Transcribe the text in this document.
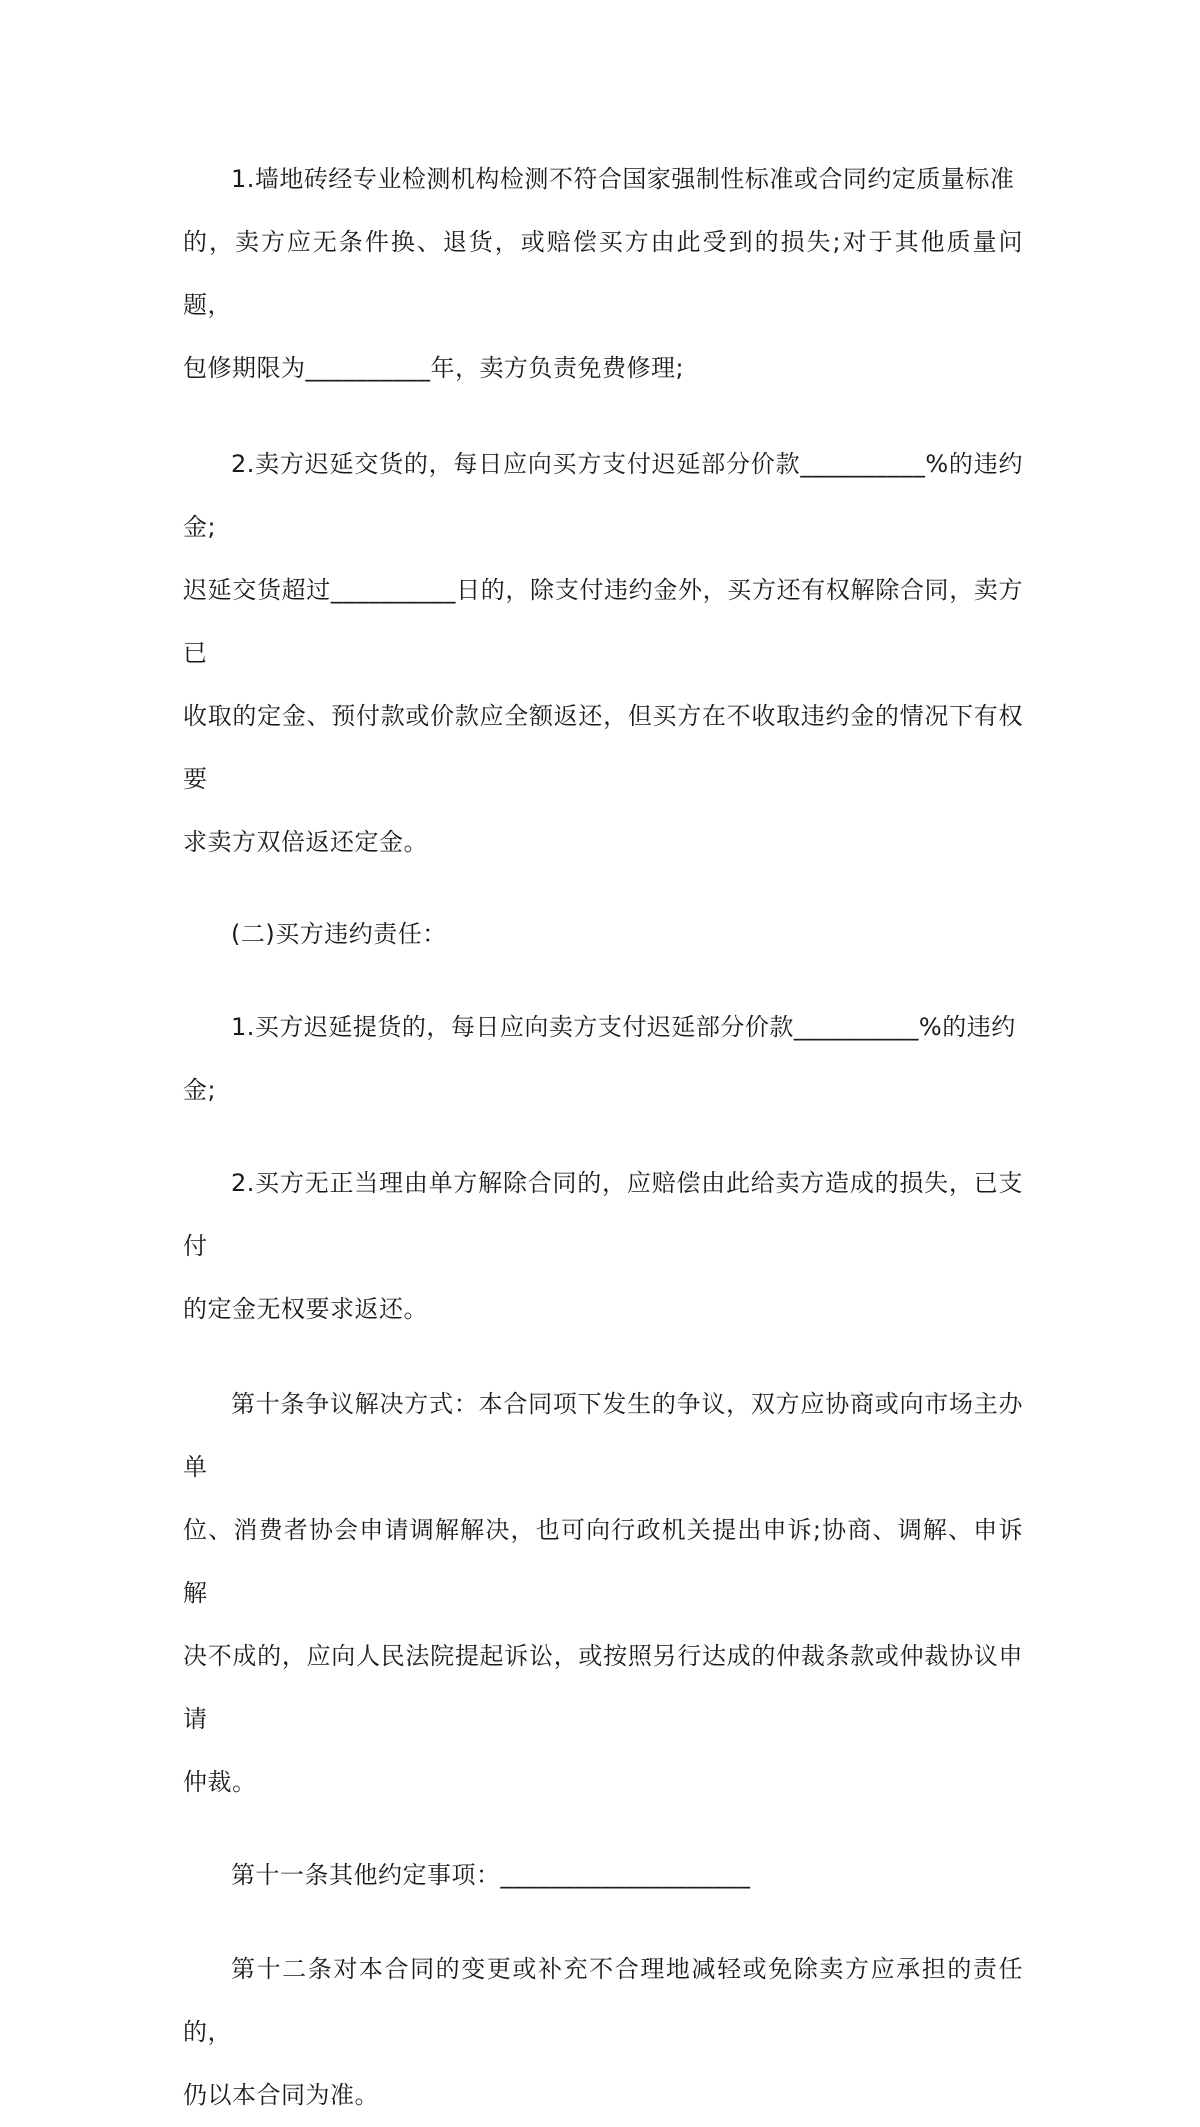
1.墙地砖经专业检测机构检测不符合国家强制性标准或合同约定质量标准
的，卖方应无条件换、退货，或赔偿买方由此受到的损失;对于其他质量问题，
包修期限为__________年，卖方负责免费修理;

2.卖方迟延交货的，每日应向买方支付迟延部分价款__________%的违约金;
迟延交货超过__________日的，除支付违约金外，买方还有权解除合同，卖方已
收取的定金、预付款或价款应全额返还，但买方在不收取违约金的情况下有权要
求卖方双倍返还定金。

(二)买方违约责任：

1.买方迟延提货的，每日应向卖方支付迟延部分价款__________%的违约
金;

2.买方无正当理由单方解除合同的，应赔偿由此给卖方造成的损失，已支付
的定金无权要求返还。

第十条争议解决方式：本合同项下发生的争议，双方应协商或向市场主办单
位、消费者协会申请调解解决，也可向行政机关提出申诉;协商、调解、申诉解
决不成的，应向人民法院提起诉讼，或按照另行达成的仲裁条款或仲裁协议申请
仲裁。

第十一条其他约定事项：____________________

第十二条对本合同的变更或补充不合理地减轻或免除卖方应承担的责任的，
仍以本合同为准。
